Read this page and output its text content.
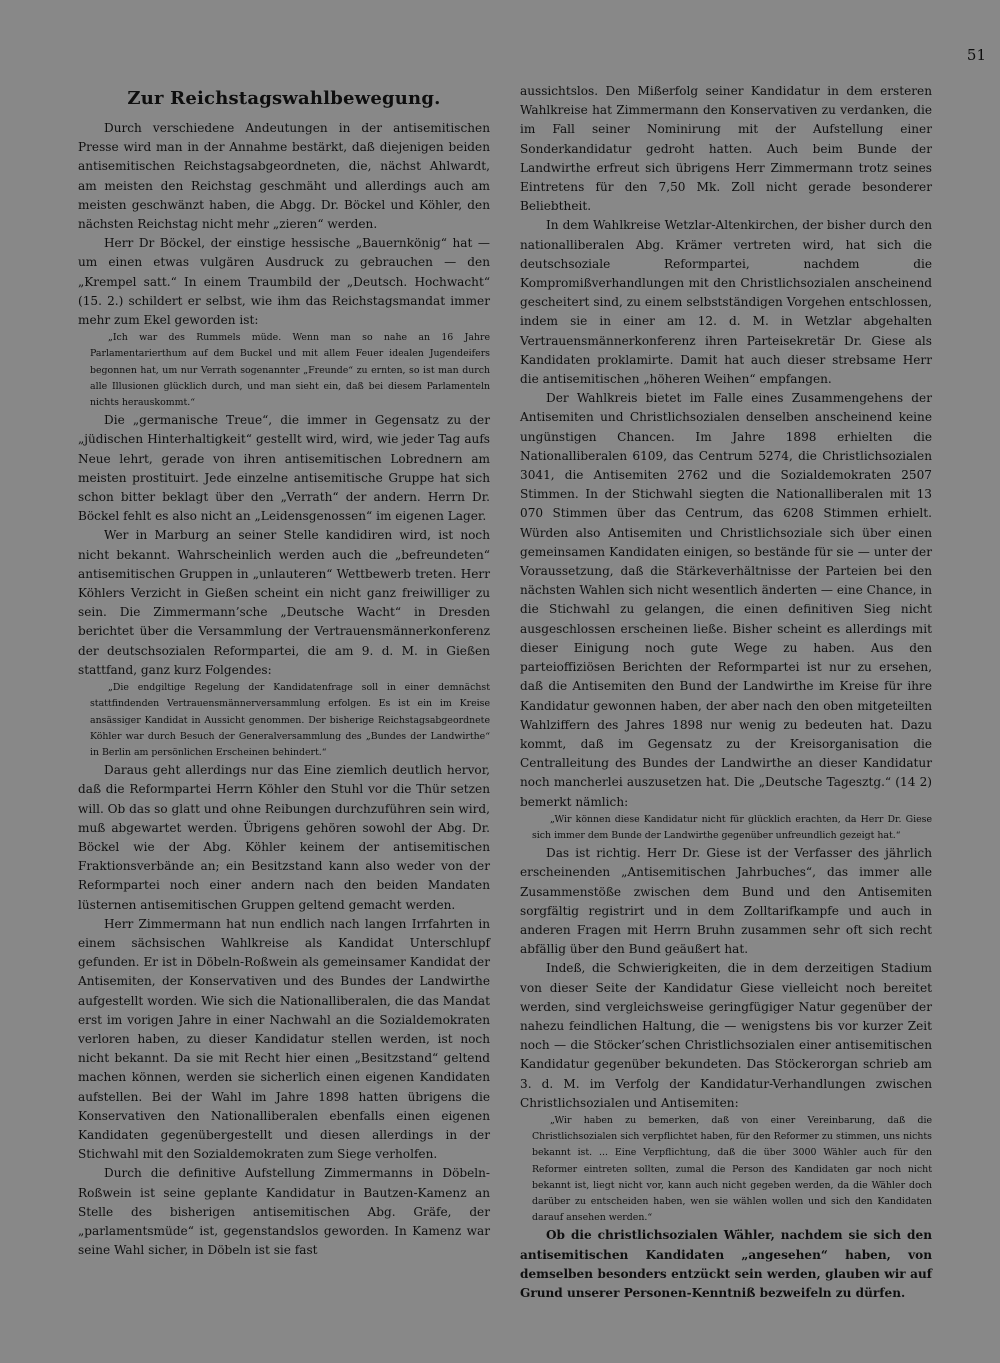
51
Zur Reichstagswahlbewegung.

Durch verschiedene Andeutungen in der antisemitischen Presse wird man in der Annahme bestärkt, daß diejenigen beiden antisemitischen Reichstagsabgeordneten, die, nächst Ahlwardt, am meisten den Reichstag geschmäht und allerdings auch am meisten geschwänzt haben, die Abgg. Dr. Böckel und Köhler, den nächsten Reichstag nicht mehr „zieren“ werden.

Herr Dr Böckel, der einstige hessische „Bauernkönig“ hat — um einen etwas vulgären Ausdruck zu gebrauchen — den „Krempel satt.“ In einem Traumbild der „Deutsch. Hochwacht“ (15. 2.) schildert er selbst, wie ihm das Reichstagsmandat immer mehr zum Ekel geworden ist:

„Ich war des Rummels müde. Wenn man so nahe an 16 Jahre Parlamentarierthum auf dem Buckel und mit allem Feuer idealen Jugendeifers begonnen hat, um nur Verrath sogenannter „Freunde“ zu ernten, so ist man durch alle Illusionen glücklich durch, und man sieht ein, daß bei diesem Parlamenteln nichts herauskommt.“

Die „germanische Treue“, die immer in Gegensatz zu der „jüdischen Hinterhaltigkeit“ gestellt wird, wird, wie jeder Tag aufs Neue lehrt, gerade von ihren antisemitischen Lobrednern am meisten prostituirt. Jede einzelne antisemitische Gruppe hat sich schon bitter beklagt über den „Verrath“ der andern. Herrn Dr. Böckel fehlt es also nicht an „Leidensgenossen“ im eigenen Lager.

Wer in Marburg an seiner Stelle kandidiren wird, ist noch nicht bekannt. Wahrscheinlich werden auch die „befreundeten“ antisemitischen Gruppen in „unlauteren“ Wettbewerb treten. Herr Köhlers Verzicht in Gießen scheint ein nicht ganz freiwilliger zu sein. Die Zimmermann’sche „Deutsche Wacht“ in Dresden berichtet über die Versammlung der Vertrauensmännerkonferenz der deutschsozialen Reformpartei, die am 9. d. M. in Gießen stattfand, ganz kurz Folgendes:

„Die endgiltige Regelung der Kandidatenfrage soll in einer demnächst stattfindenden Vertrauensmännerversammlung erfolgen. Es ist ein im Kreise ansässiger Kandidat in Aussicht genommen. Der bisherige Reichstagsabgeordnete Köhler war durch Besuch der Generalversammlung des „Bundes der Landwirthe“ in Berlin am persönlichen Erscheinen behindert.“

Daraus geht allerdings nur das Eine ziemlich deutlich hervor, daß die Reformpartei Herrn Köhler den Stuhl vor die Thür setzen will. Ob das so glatt und ohne Reibungen durchzuführen sein wird, muß abgewartet werden. Übrigens gehören sowohl der Abg. Dr. Böckel wie der Abg. Köhler keinem der antisemitischen Fraktionsverbände an; ein Besitzstand kann also weder von der Reformpartei noch einer andern nach den beiden Mandaten lüsternen antisemitischen Gruppen geltend gemacht werden.

Herr Zimmermann hat nun endlich nach langen Irrfahrten in einem sächsischen Wahlkreise als Kandidat Unterschlupf gefunden. Er ist in Döbeln-Roßwein als gemeinsamer Kandidat der Antisemiten, der Konservativen und des Bundes der Landwirthe aufgestellt worden. Wie sich die Nationalliberalen, die das Mandat erst im vorigen Jahre in einer Nachwahl an die Sozialdemokraten verloren haben, zu dieser Kandidatur stellen werden, ist noch nicht bekannt. Da sie mit Recht hier einen „Besitzstand“ geltend machen können, werden sie sicherlich einen eigenen Kandidaten aufstellen. Bei der Wahl im Jahre 1898 hatten übrigens die Konservativen den Nationalliberalen ebenfalls einen eigenen Kandidaten gegenübergestellt und diesen allerdings in der Stichwahl mit den Sozialdemokraten zum Siege verholfen.

Durch die definitive Aufstellung Zimmermanns in Döbeln-Roßwein ist seine geplante Kandidatur in Bautzen-Kamenz an Stelle des bisherigen antisemitischen Abg. Gräfe, der „parlamentsmüde“ ist, gegenstandslos geworden. In Kamenz war seine Wahl sicher, in Döbeln ist sie fast

aussichtslos. Den Mißerfolg seiner Kandidatur in dem ersteren Wahlkreise hat Zimmermann den Konservativen zu verdanken, die im Fall seiner Nominirung mit der Aufstellung einer Sonderkandidatur gedroht hatten. Auch beim Bunde der Landwirthe erfreut sich übrigens Herr Zimmermann trotz seines Eintretens für den 7,50 Mk. Zoll nicht gerade besonderer Beliebtheit.

In dem Wahlkreise Wetzlar-Altenkirchen, der bisher durch den nationalliberalen Abg. Krämer vertreten wird, hat sich die deutschsoziale Reformpartei, nachdem die Kompromißverhandlungen mit den Christlichsozialen anscheinend gescheitert sind, zu einem selbstständigen Vorgehen entschlossen, indem sie in einer am 12. d. M. in Wetzlar abgehalten Vertrauensmännerkonferenz ihren Parteisekretär Dr. Giese als Kandidaten proklamirte. Damit hat auch dieser strebsame Herr die antisemitischen „höheren Weihen“ empfangen.

Der Wahlkreis bietet im Falle eines Zusammengehens der Antisemiten und Christlichsozialen denselben anscheinend keine ungünstigen Chancen. Im Jahre 1898 erhielten die Nationalliberalen 6109, das Centrum 5274, die Christlichsozialen 3041, die Antisemiten 2762 und die Sozialdemokraten 2507 Stimmen. In der Stichwahl siegten die Nationalliberalen mit 13 070 Stimmen über das Centrum, das 6208 Stimmen erhielt. Würden also Antisemiten und Christlichsoziale sich über einen gemeinsamen Kandidaten einigen, so bestände für sie — unter der Voraussetzung, daß die Stärkeverhältnisse der Parteien bei den nächsten Wahlen sich nicht wesentlich änderten — eine Chance, in die Stichwahl zu gelangen, die einen definitiven Sieg nicht ausgeschlossen erscheinen ließe. Bisher scheint es allerdings mit dieser Einigung noch gute Wege zu haben. Aus den parteioffiziösen Berichten der Reformpartei ist nur zu ersehen, daß die Antisemiten den Bund der Landwirthe im Kreise für ihre Kandidatur gewonnen haben, der aber nach den oben mitgeteilten Wahlziffern des Jahres 1898 nur wenig zu bedeuten hat. Dazu kommt, daß im Gegensatz zu der Kreisorganisation die Centralleitung des Bundes der Landwirthe an dieser Kandidatur noch mancherlei auszusetzen hat. Die „Deutsche Tagesztg.“ (14 2) bemerkt nämlich:

„Wir können diese Kandidatur nicht für glücklich erachten, da Herr Dr. Giese sich immer dem Bunde der Landwirthe gegenüber unfreundlich gezeigt hat.“

Das ist richtig. Herr Dr. Giese ist der Verfasser des jährlich erscheinenden „Antisemitischen Jahrbuches“, das immer alle Zusammenstöße zwischen dem Bund und den Antisemiten sorgfältig registrirt und in dem Zolltarifkampfe und auch in anderen Fragen mit Herrn Bruhn zusammen sehr oft sich recht abfällig über den Bund geäußert hat.

Indeß, die Schwierigkeiten, die in dem derzeitigen Stadium von dieser Seite der Kandidatur Giese vielleicht noch bereitet werden, sind vergleichsweise geringfügiger Natur gegenüber der nahezu feindlichen Haltung, die — wenigstens bis vor kurzer Zeit noch — die Stöcker’schen Christlichsozialen einer antisemitischen Kandidatur gegenüber bekundeten. Das Stöckerorgan schrieb am 3. d. M. im Verfolg der Kandidatur-Verhandlungen zwischen Christlichsozialen und Antisemiten:

„Wir haben zu bemerken, daß von einer Vereinbarung, daß die Christlichsozialen sich verpflichtet haben, für den Reformer zu stimmen, uns nichts bekannt ist. ... Eine Verpflichtung, daß die über 3000 Wähler auch für den Reformer eintreten sollten, zumal die Person des Kandidaten gar noch nicht bekannt ist, liegt nicht vor, kann auch nicht gegeben werden, da die Wähler doch darüber zu entscheiden haben, wen sie wählen wollen und sich den Kandidaten darauf ansehen werden.“

Ob die christlichsozialen Wähler, nachdem sie sich den antisemitischen Kandidaten „angesehen“ haben, von demselben besonders entzückt sein werden, glauben wir auf Grund unserer Personen-Kenntniß bezweifeln zu dürfen.
